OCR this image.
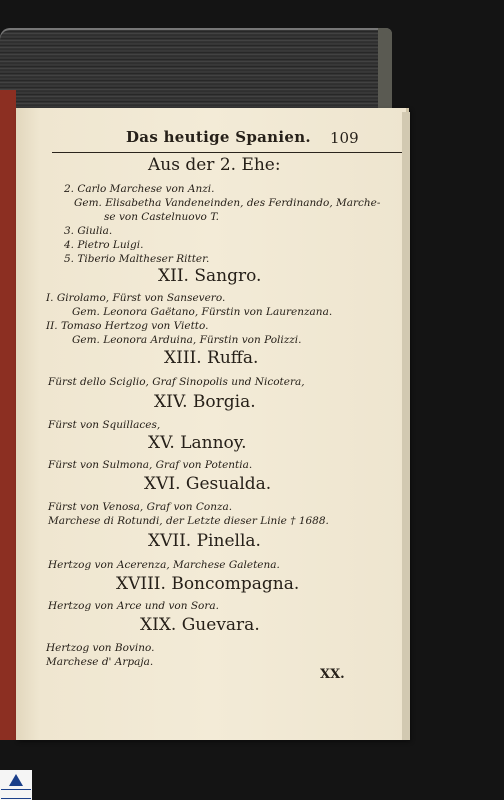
Das heutige Spanien. 109
Aus der 2. Ehe:
2. Carlo Marchese von Anzi.
Gem. Elisabetha Vandeneinden, des Ferdinando, Marche-
se von Castelnuovo T.
3. Giulia.
4. Pietro Luigi.
5. Tiberio Maltheser Ritter.
XII. Sangro.
I. Girolamo, Fürst von Sansevero.
Gem. Leonora Gaëtano, Fürstin von Laurenzana.
II. Tomaso Hertzog von Vietto.
Gem. Leonora Arduina, Fürstin von Polizzi.
XIII. Ruffa.
Fürst dello Sciglio, Graf Sinopolis und Nicotera,
XIV. Borgia.
Fürst von Squillaces,
XV. Lannoy.
Fürst von Sulmona, Graf von Potentia.
XVI. Gesualda.
Fürst von Venosa, Graf von Conza.
Marchese di Rotundi, der Letzte dieser Linie † 1688.
XVII. Pinella.
Hertzog von Acerenza, Marchese Galetena.
XVIII. Boncompagna.
Hertzog von Arce und von Sora.
XIX. Guevara.
Hertzog von Bovino.
Marchese d' Arpaja.
XX.
